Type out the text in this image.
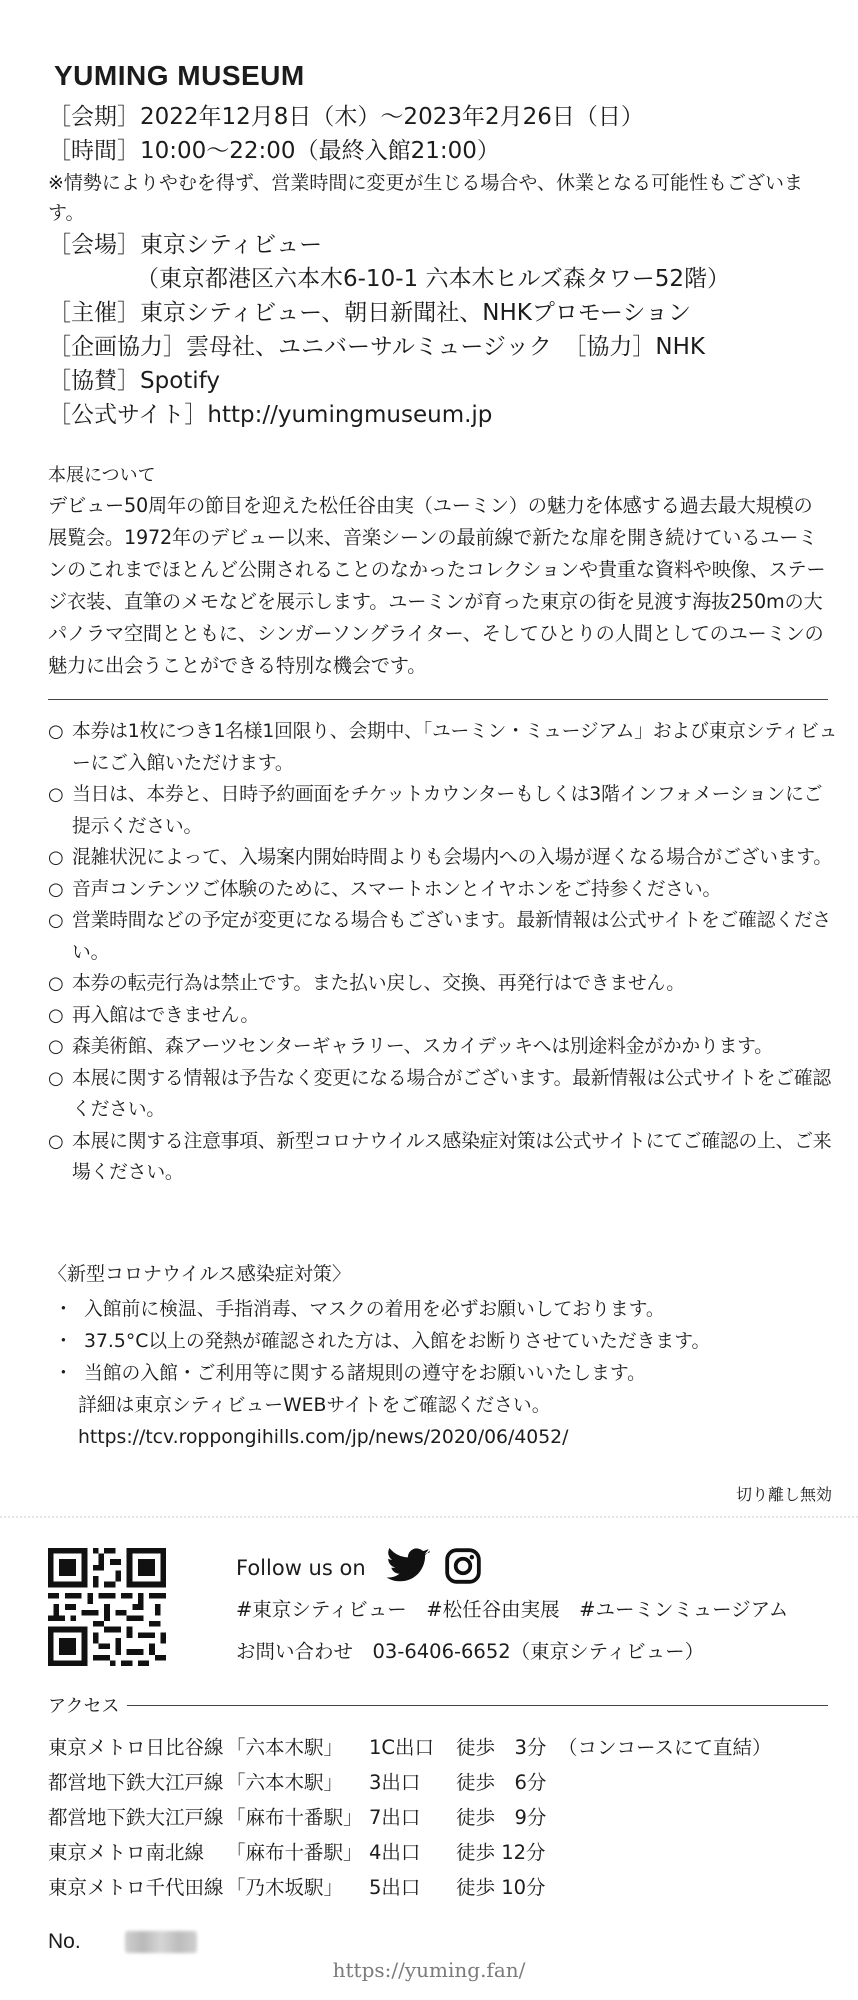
YUMING MUSEUM
［会期］2022年12月8日（木）〜2023年2月26日（日）
［時間］10:00〜22:00（最終入館21:00）
※情勢によりやむを得ず、営業時間に変更が生じる場合や、休業となる可能性もございます。
［会場］東京シティビュー
（東京都港区六本木6-10-1 六本木ヒルズ森タワー52階）
［主催］東京シティビュー、朝日新聞社、NHKプロモーション
［企画協力］雲母社、ユニバーサルミュージック　［協力］NHK
［協賛］Spotify
［公式サイト］http://yumingmuseum.jp
本展について
デビュー50周年の節目を迎えた松任谷由実（ユーミン）の魅力を体感する過去最大規模の展覧会。1972年のデビュー以来、音楽シーンの最前線で新たな扉を開き続けているユーミンのこれまでほとんど公開されることのなかったコレクションや貴重な資料や映像、ステージ衣装、直筆のメモなどを展示します。ユーミンが育った東京の街を見渡す海抜250mの大パノラマ空間とともに、シンガーソングライター、そしてひとりの人間としてのユーミンの魅力に出会うことができる特別な機会です。
○ 本券は1枚につき1名様1回限り、会期中、「ユーミン・ミュージアム」および東京シティビューにご入館いただけます。
○ 当日は、本券と、日時予約画面をチケットカウンターもしくは3階インフォメーションにご提示ください。
○ 混雑状況によって、入場案内開始時間よりも会場内への入場が遅くなる場合がございます。
○ 音声コンテンツご体験のために、スマートホンとイヤホンをご持参ください。
○ 営業時間などの予定が変更になる場合もございます。最新情報は公式サイトをご確認ください。
○ 本券の転売行為は禁止です。また払い戻し、交換、再発行はできません。
○ 再入館はできません。
○ 森美術館、森アーツセンターギャラリー、スカイデッキへは別途料金がかかります。
○ 本展に関する情報は予告なく変更になる場合がございます。最新情報は公式サイトをご確認ください。
○ 本展に関する注意事項、新型コロナウイルス感染症対策は公式サイトにてご確認の上、ご来場ください。
〈新型コロナウイルス感染症対策〉
・ 入館前に検温、手指消毒、マスクの着用を必ずお願いしております。
・ 37.5°C以上の発熱が確認された方は、入館をお断りさせていただきます。
・ 当館の入館・ご利用等に関する諸規則の遵守をお願いいたします。
詳細は東京シティビューWEBサイトをご確認ください。
https://tcv.roppongihills.com/jp/news/2020/06/4052/
切り離し無効
Follow us on
#東京シティビュー　#松任谷由実展　#ユーミンミュージアム
お問い合わせ　03-6406-6652（東京シティビュー）
アクセス
東京メトロ日比谷線 「六本木駅」	1C出口	徒歩　3分 （コンコースにて直結）
都営地下鉄大江戸線 「六本木駅」	3出口	徒歩　6分
都営地下鉄大江戸線 「麻布十番駅」 7出口	徒歩　9分
東京メトロ南北線	「麻布十番駅」 4出口	徒歩 12分
東京メトロ千代田線 「乃木坂駅」	5出口	徒歩 10分
No.
https://yuming.fan/
